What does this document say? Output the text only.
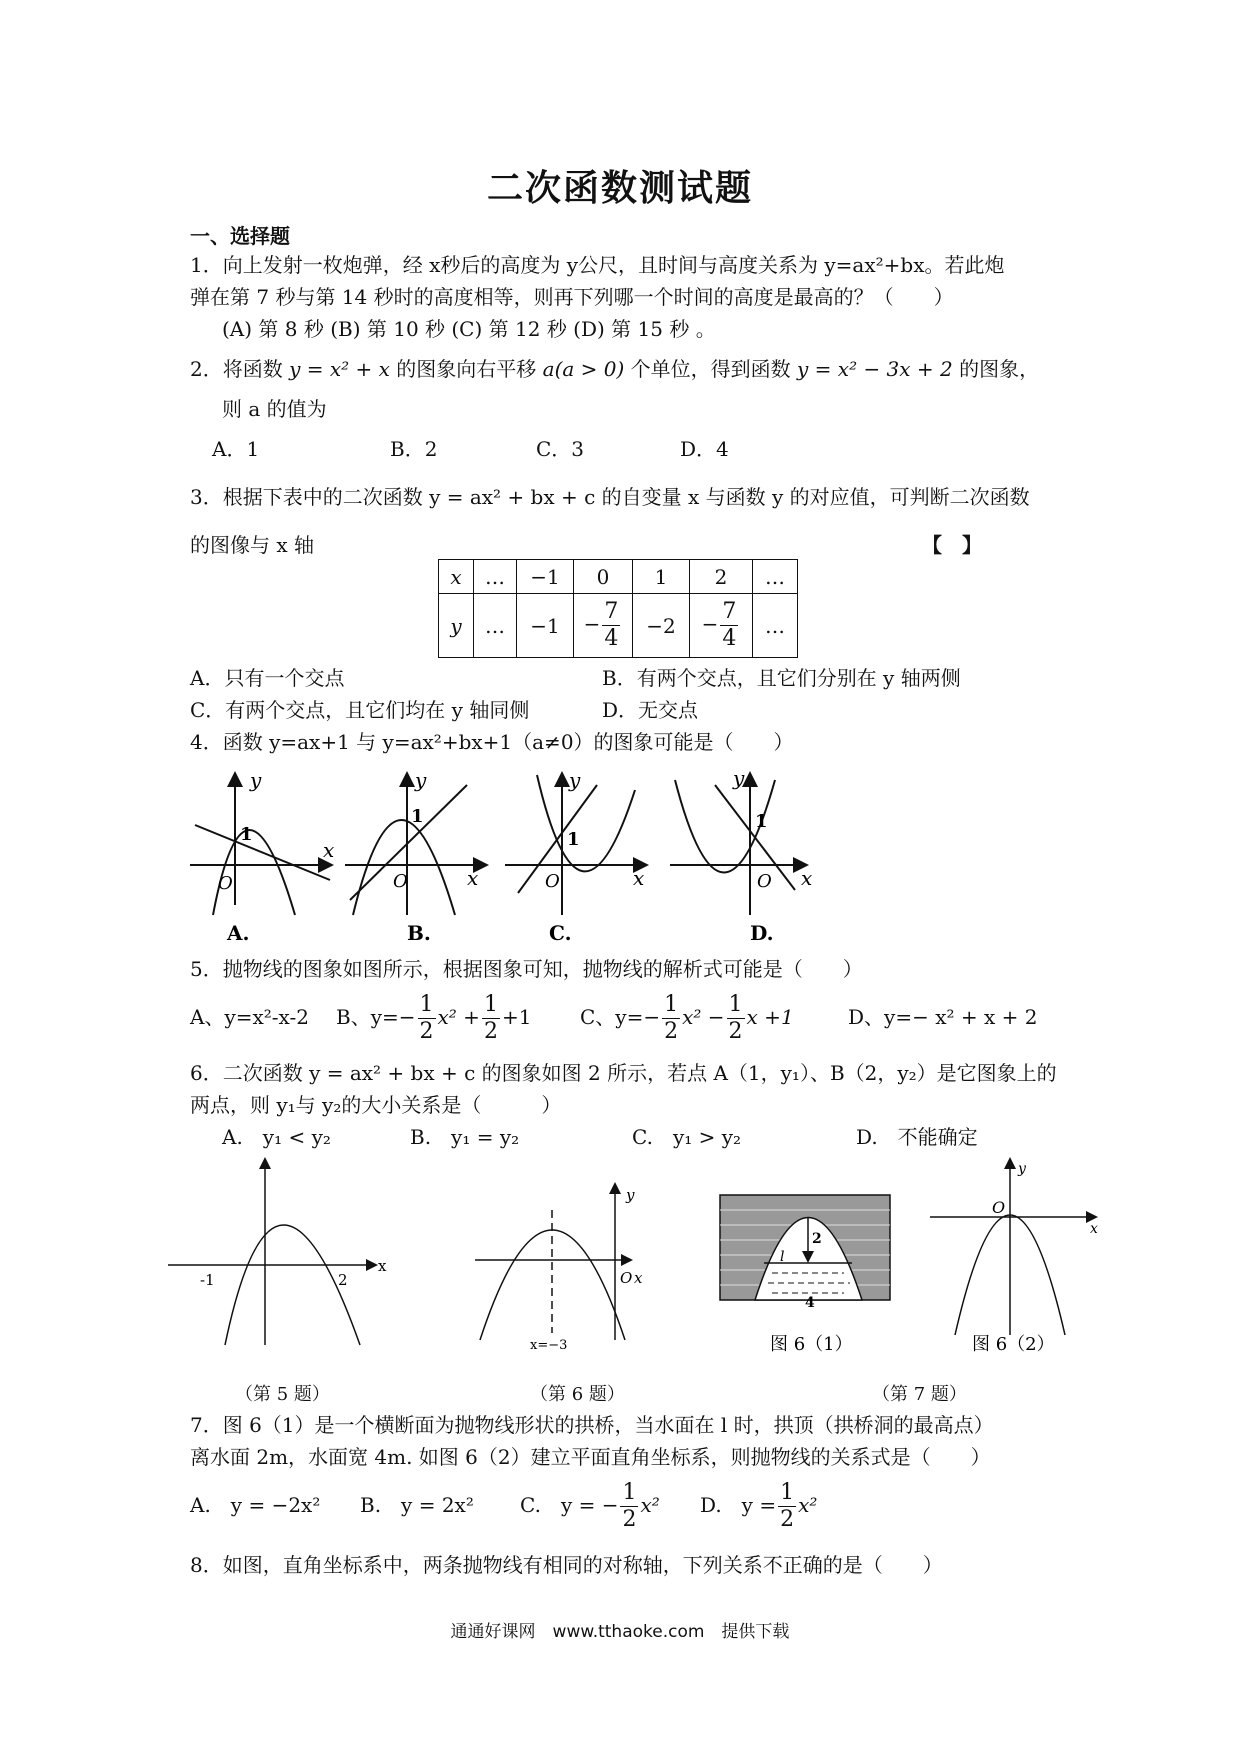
二次函数测试题
一、选择题
1．向上发射一枚炮弹，经 x秒后的高度为 y公尺，且时间与高度关系为 y=ax²+bx。若此炮
弹在第 7 秒与第 14 秒时的高度相等，则再下列哪一个时间的高度是最高的？（　　）
(A) 第 8 秒 (B) 第 10 秒 (C) 第 12 秒 (D) 第 15 秒 。
2．将函数 y = x² + x 的图象向右平移 a(a > 0) 个单位，得到函数 y = x² − 3x + 2 的图象，
则 a 的值为
A．1	B．2	C．3	D．4
3．根据下表中的二次函数 y = ax² + bx + c 的自变量 x 与函数 y 的对应值，可判断二次函数
的图像与 x 轴	【　】
x	…	−1	0	1	2	…
y	…	−1	− $\frac{7}{4}$	−2	− $\frac{7}{4}$	…
A．只有一个交点	B．有两个交点，且它们分别在 y 轴两侧
C．有两个交点，且它们均在 y 轴同侧	D．无交点
4．函数 y=ax+1 与 y=ax²+bx+1（a≠0）的图象可能是（　　）
y
x
O
1
A.
y
x
O
1
B.
y
x
O
1
C.
y
x
O
1
D.
5．抛物线的图象如图所示，根据图象可知，抛物线的解析式可能是（　　）
A、y=x²-x-2 B、$y=- \frac{1}{2} x^2 + \frac{1}{2} +1$ C、$y=- \frac{1}{2} x^2 - \frac{1}{2}$ x +1	D、y=− x² + x + 2
6．二次函数 y = ax² + bx + c 的图象如图 2 所示，若点 A（1，y₁）、B（2，y₂）是它图象上的
两点，则 y₁与 y₂的大小关系是（　　　）
A.　y₁ < y₂	B.　y₁ = y₂	C.　y₁ > y₂	D.　不能确定
-1	2
x
y
O x
x=−3
2
l
4
图 6（1）
y
O
x
图 6（2）
（第 5 题）	（第 6 题）	（第 7 题）
7．图 6（1）是一个横断面为抛物线形状的拱桥，当水面在 l 时，拱顶（拱桥洞的最高点）
离水面 2m，水面宽 4m. 如图 6（2）建立平面直角坐标系，则抛物线的关系式是（　　）
A.　y = −2x² B.　y = 2x² C.　y = − $\frac{1}{2} x^2$ D.　$y = \frac{1}{2} x^2$
8．如图，直角坐标系中，两条抛物线有相同的对称轴，下列关系不正确的是（　　）
通通好课网　www.tthaoke.com　提供下载
